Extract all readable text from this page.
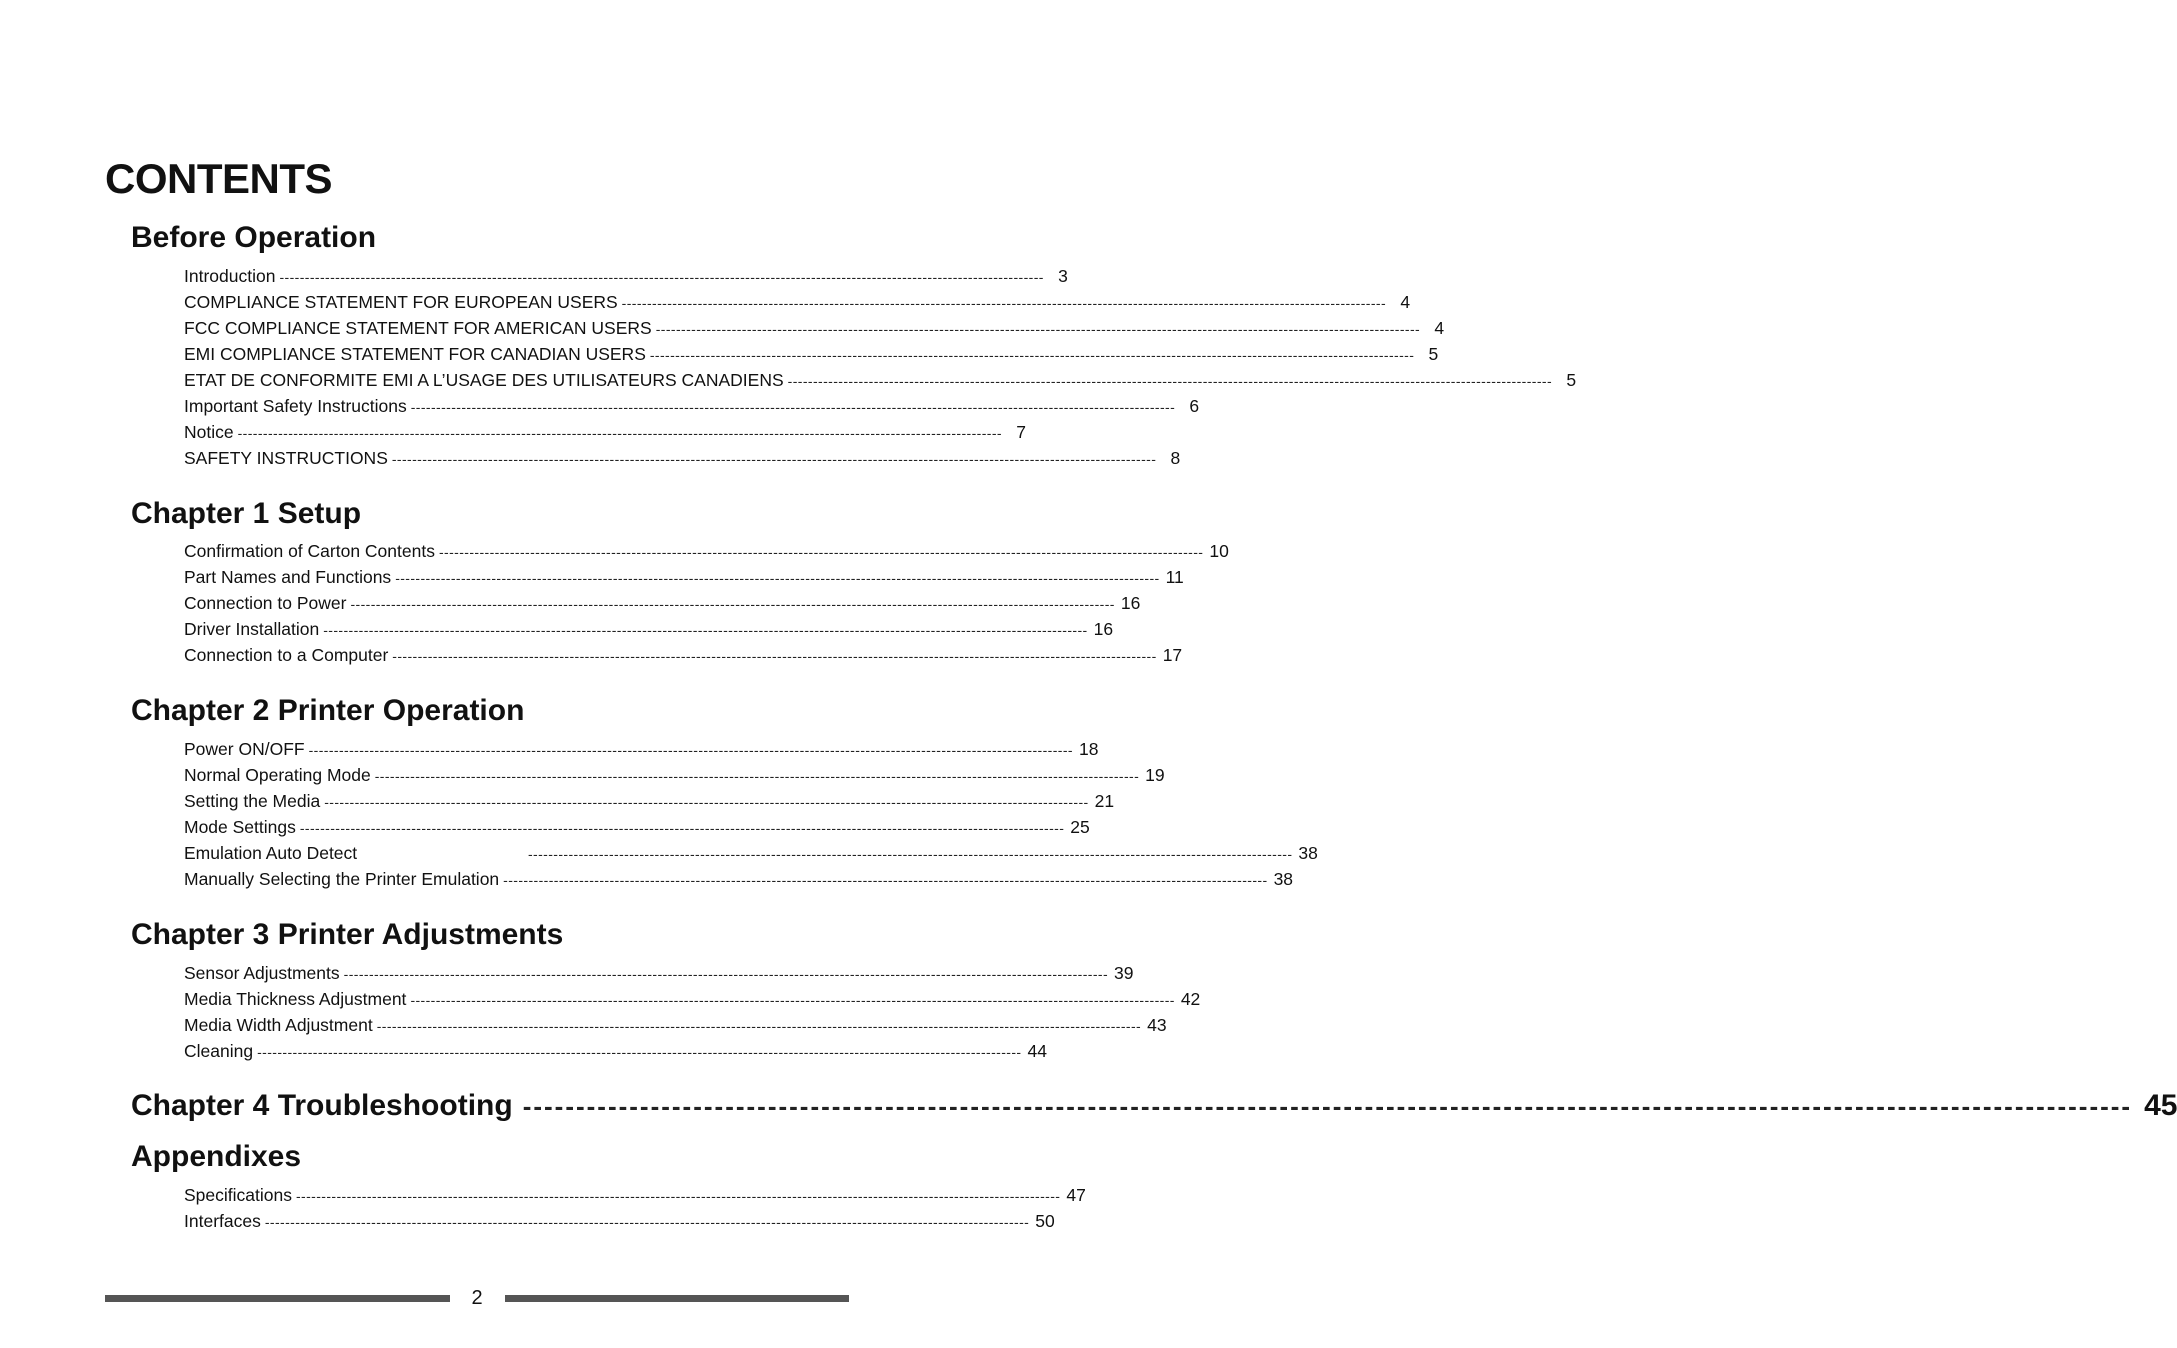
CONTENTS
Before Operation
Introduction ------------------------------------------------------------------------------------------------------------------------------------------------------- 3
COMPLIANCE STATEMENT FOR EUROPEAN USERS ------------------------------------------------------------------------------------------------------------------------------------------------------- 4
FCC COMPLIANCE STATEMENT FOR AMERICAN USERS ------------------------------------------------------------------------------------------------------------------------------------------------------- 4
EMI COMPLIANCE STATEMENT FOR CANADIAN USERS ------------------------------------------------------------------------------------------------------------------------------------------------------- 5
ETAT DE CONFORMITE EMI A L’USAGE DES UTILISATEURS CANADIENS ------------------------------------------------------------------------------------------------------------------------------------------------------- 5
Important Safety Instructions ------------------------------------------------------------------------------------------------------------------------------------------------------- 6
Notice ------------------------------------------------------------------------------------------------------------------------------------------------------- 7
SAFETY INSTRUCTIONS ------------------------------------------------------------------------------------------------------------------------------------------------------- 8
Chapter 1 Setup
Confirmation of Carton Contents ------------------------------------------------------------------------------------------------------------------------------------------------------- 10
Part Names and Functions ------------------------------------------------------------------------------------------------------------------------------------------------------- 11
Connection to Power ------------------------------------------------------------------------------------------------------------------------------------------------------- 16
Driver Installation ------------------------------------------------------------------------------------------------------------------------------------------------------- 16
Connection to a Computer ------------------------------------------------------------------------------------------------------------------------------------------------------- 17
Chapter 2 Printer Operation
Power ON/OFF ------------------------------------------------------------------------------------------------------------------------------------------------------- 18
Normal Operating Mode ------------------------------------------------------------------------------------------------------------------------------------------------------- 19
Setting the Media ------------------------------------------------------------------------------------------------------------------------------------------------------- 21
Mode Settings ------------------------------------------------------------------------------------------------------------------------------------------------------- 25
Emulation Auto Detect	------------------------------------------------------------------------------------------------------------------------------------------------------- 38
Manually Selecting the Printer Emulation ------------------------------------------------------------------------------------------------------------------------------------------------------- 38
Chapter 3 Printer Adjustments
Sensor Adjustments ------------------------------------------------------------------------------------------------------------------------------------------------------- 39
Media Thickness Adjustment ------------------------------------------------------------------------------------------------------------------------------------------------------- 42
Media Width Adjustment ------------------------------------------------------------------------------------------------------------------------------------------------------- 43
Cleaning ------------------------------------------------------------------------------------------------------------------------------------------------------- 44
Chapter 4 Troubleshooting ------------------------------------------------------------------------------------------------------------------------------------------------------- 45
Appendixes
Specifications ------------------------------------------------------------------------------------------------------------------------------------------------------- 47
Interfaces ------------------------------------------------------------------------------------------------------------------------------------------------------- 50
2
